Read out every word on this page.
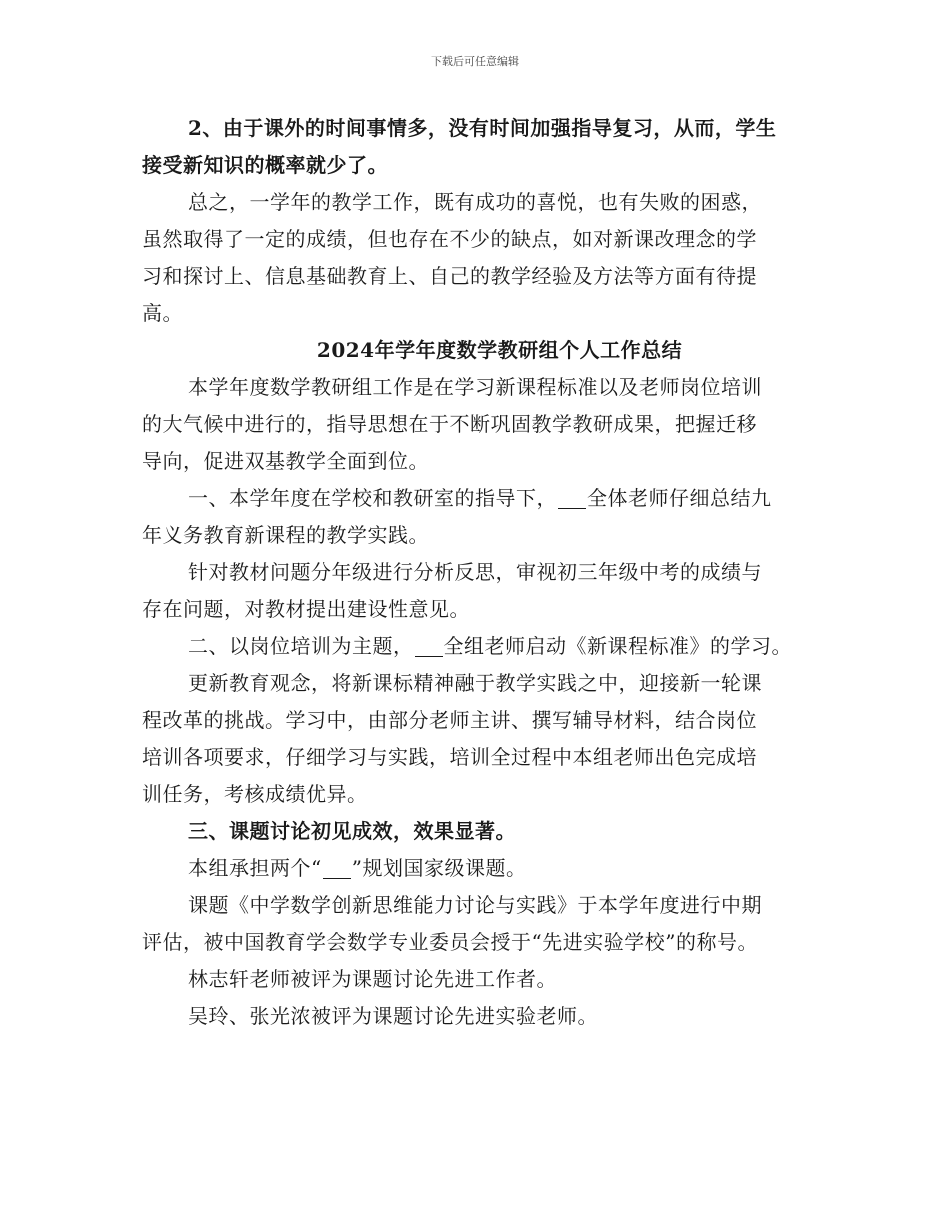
下载后可任意编辑
2、由于课外的时间事情多，没有时间加强指导复习，从而，学生
接受新知识的概率就少了。
总之，一学年的教学工作，既有成功的喜悦，也有失败的困惑，
虽然取得了一定的成绩，但也存在不少的缺点，如对新课改理念的学
习和探讨上、信息基础教育上、自己的教学经验及方法等方面有待提
高。
2024年学年度数学教研组个人工作总结
本学年度数学教研组工作是在学习新课程标准以及老师岗位培训
的大气候中进行的，指导思想在于不断巩固教学教研成果，把握迁移
导向，促进双基教学全面到位。
一、本学年度在学校和教研室的指导下， 全体老师仔细总结九
年义务教育新课程的教学实践。
针对教材问题分年级进行分析反思，审视初三年级中考的成绩与
存在问题，对教材提出建设性意见。
二、以岗位培训为主题， 全组老师启动《新课程标准》的学习。
更新教育观念，将新课标精神融于教学实践之中，迎接新一轮课
程改革的挑战。学习中，由部分老师主讲、撰写辅导材料，结合岗位
培训各项要求，仔细学习与实践，培训全过程中本组老师出色完成培
训任务，考核成绩优异。
三、课题讨论初见成效，效果显著。
本组承担两个“ ”规划国家级课题。
课题《中学数学创新思维能力讨论与实践》于本学年度进行中期
评估，被中国教育学会数学专业委员会授于“先进实验学校”的称号。
林志轩老师被评为课题讨论先进工作者。
吴玲、张光浓被评为课题讨论先进实验老师。
